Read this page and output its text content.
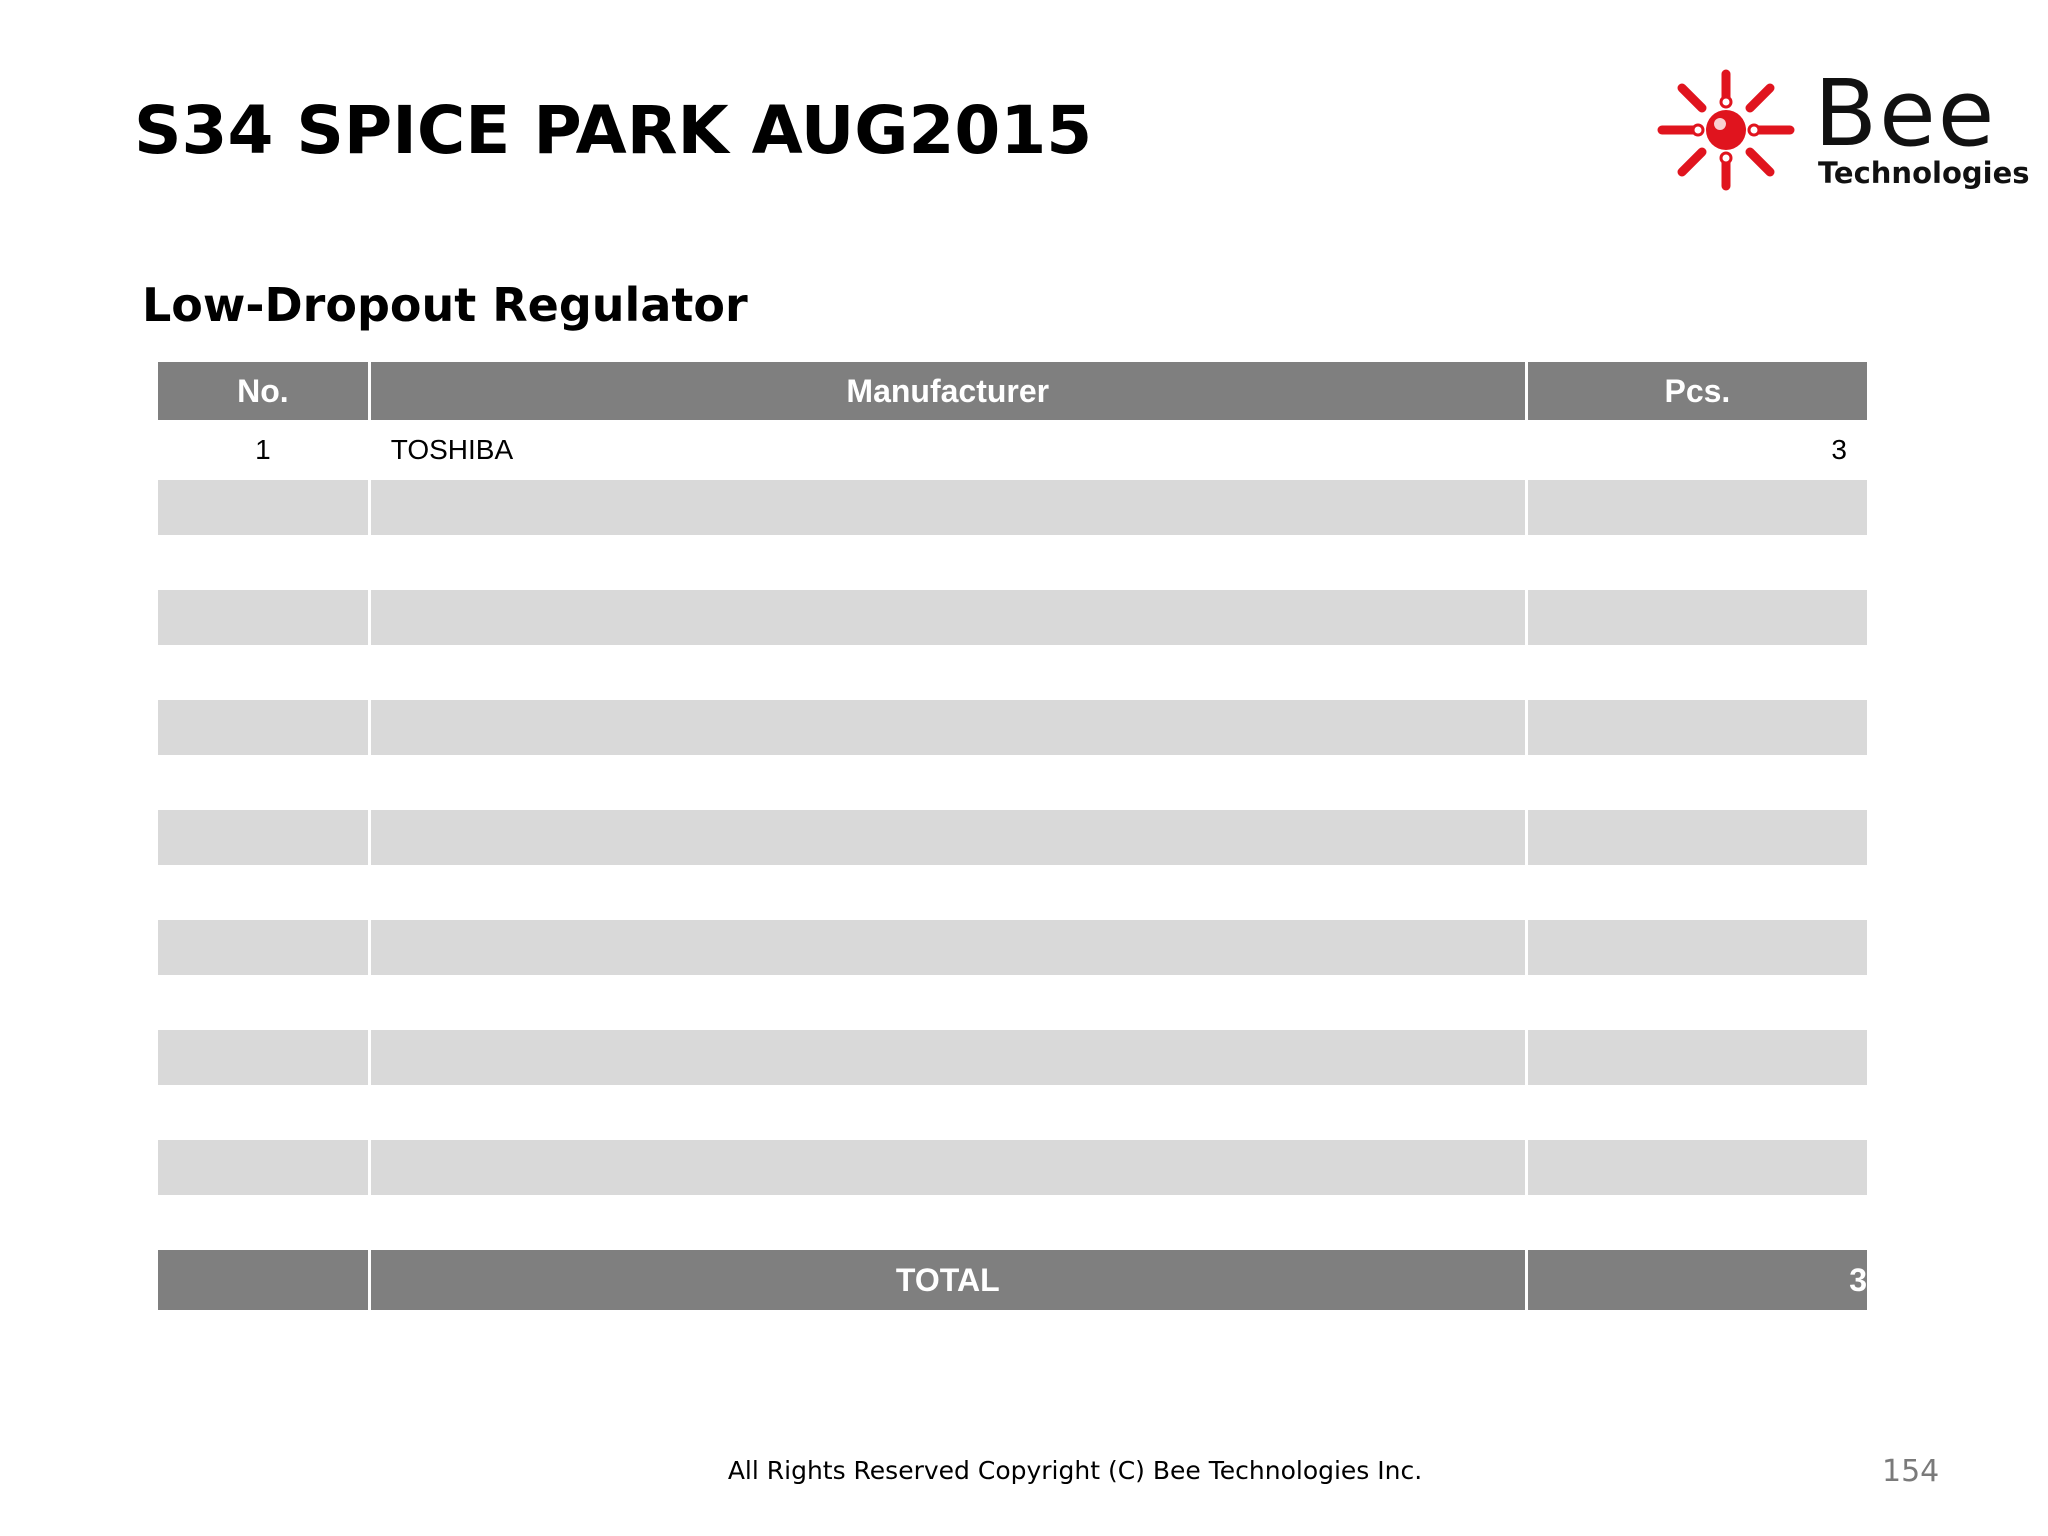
S34 SPICE PARK AUG2015	Bee
Technologies
Low-Dropout Regulator
No.	Manufacturer	Pcs.
1	TOSHIBA	3

	TOTAL	3
All Rights Reserved Copyright (C) Bee Technologies Inc.	154
